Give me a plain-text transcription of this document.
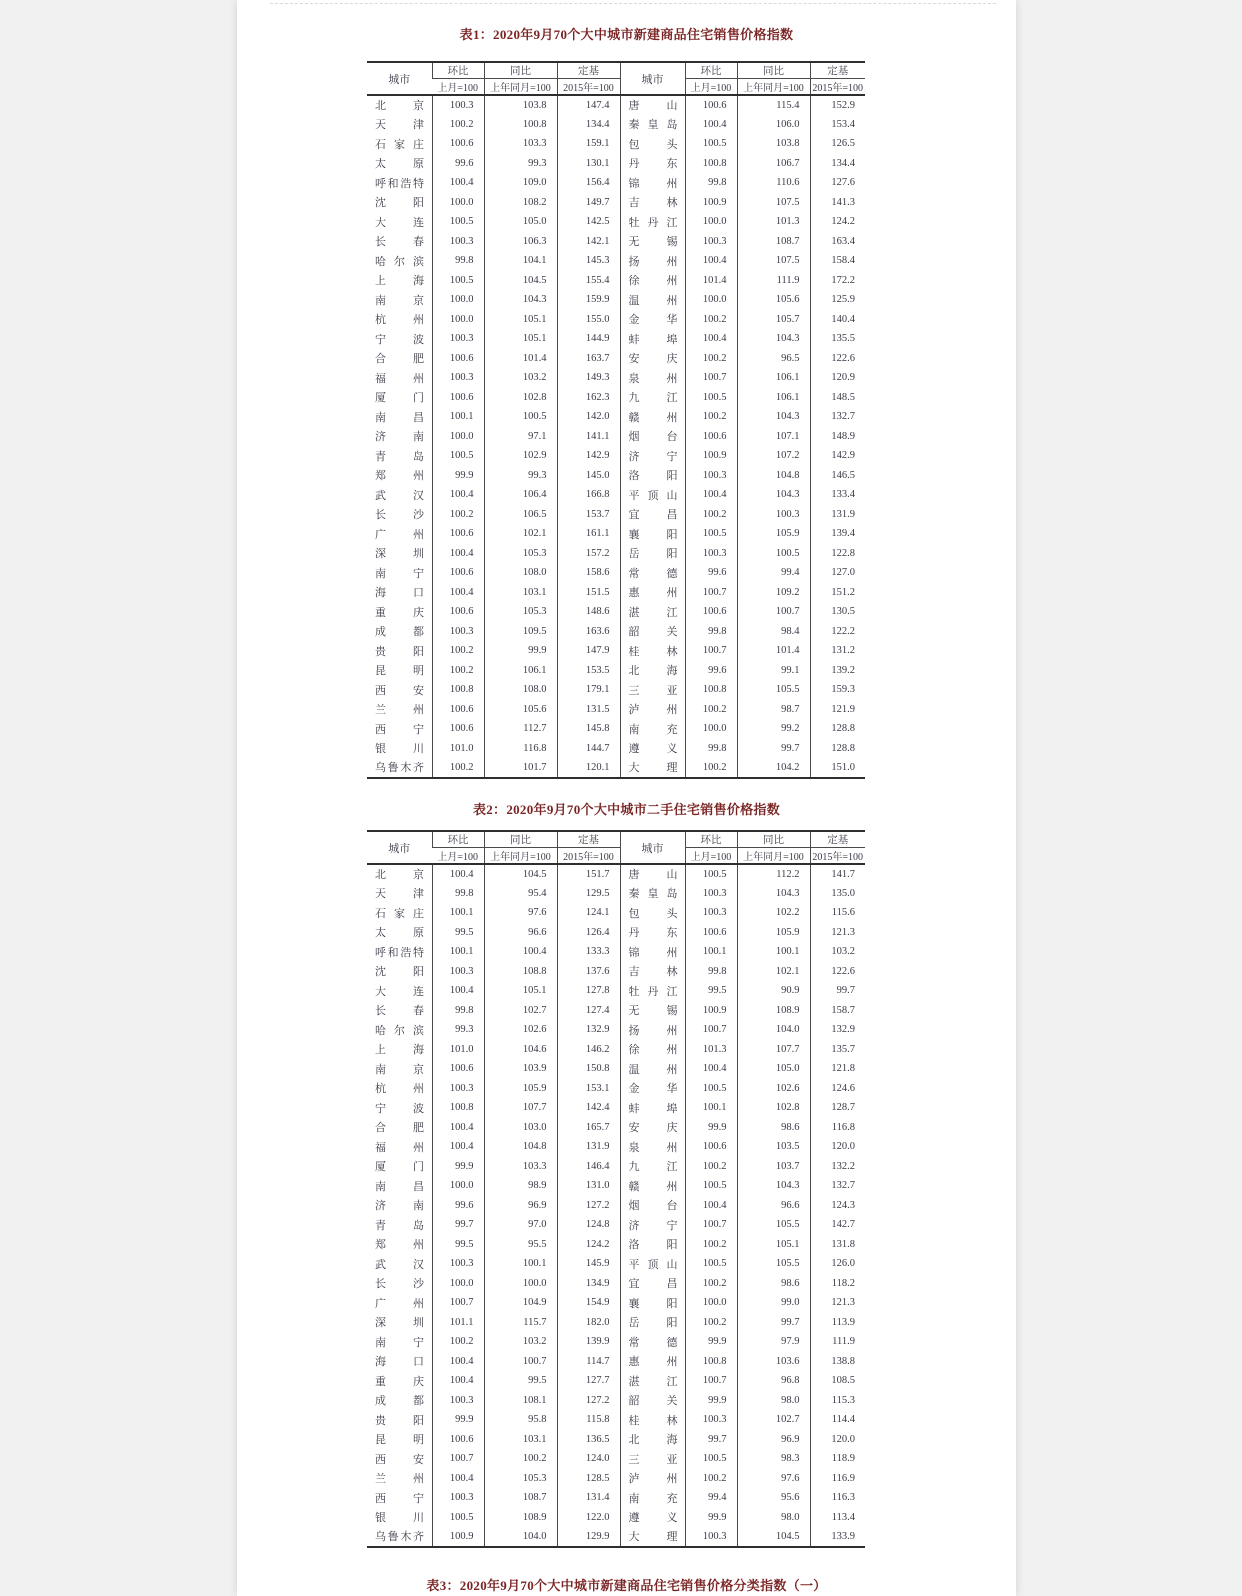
表1：2020年9月70个大中城市新建商品住宅销售价格指数
城市	环比	同比	定基	城市	环比	同比	定基
	上月=100	上年同月=100	2015年=100		上月=100	上年同月=100	2015年=100

北 京	100.3	103.8	147.4	唐 山	100.6	115.4	152.9

天 津	100.2	100.8	134.4	秦 皇 岛	100.4	106.0	153.4

石 家 庄	100.6	103.3	159.1	包 头	100.5	103.8	126.5

太 原	99.6	99.3	130.1	丹 东	100.8	106.7	134.4

呼 和 浩 特	100.4	109.0	156.4	锦 州	99.8	110.6	127.6

沈 阳	100.0	108.2	149.7	吉 林	100.9	107.5	141.3

大 连	100.5	105.0	142.5	牡 丹 江	100.0	101.3	124.2

长 春	100.3	106.3	142.1	无 锡	100.3	108.7	163.4

哈 尔 滨	99.8	104.1	145.3	扬 州	100.4	107.5	158.4

上 海	100.5	104.5	155.4	徐 州	101.4	111.9	172.2

南 京	100.0	104.3	159.9	温 州	100.0	105.6	125.9

杭 州	100.0	105.1	155.0	金 华	100.2	105.7	140.4

宁 波	100.3	105.1	144.9	蚌 埠	100.4	104.3	135.5

合 肥	100.6	101.4	163.7	安 庆	100.2	96.5	122.6

福 州	100.3	103.2	149.3	泉 州	100.7	106.1	120.9

厦 门	100.6	102.8	162.3	九 江	100.5	106.1	148.5

南 昌	100.1	100.5	142.0	赣 州	100.2	104.3	132.7

济 南	100.0	97.1	141.1	烟 台	100.6	107.1	148.9

青 岛	100.5	102.9	142.9	济 宁	100.9	107.2	142.9

郑 州	99.9	99.3	145.0	洛 阳	100.3	104.8	146.5

武 汉	100.4	106.4	166.8	平 顶 山	100.4	104.3	133.4

长 沙	100.2	106.5	153.7	宜 昌	100.2	100.3	131.9

广 州	100.6	102.1	161.1	襄 阳	100.5	105.9	139.4

深 圳	100.4	105.3	157.2	岳 阳	100.3	100.5	122.8

南 宁	100.6	108.0	158.6	常 德	99.6	99.4	127.0

海 口	100.4	103.1	151.5	惠 州	100.7	109.2	151.2

重 庆	100.6	105.3	148.6	湛 江	100.6	100.7	130.5

成 都	100.3	109.5	163.6	韶 关	99.8	98.4	122.2

贵 阳	100.2	99.9	147.9	桂 林	100.7	101.4	131.2

昆 明	100.2	106.1	153.5	北 海	99.6	99.1	139.2

西 安	100.8	108.0	179.1	三 亚	100.8	105.5	159.3

兰 州	100.6	105.6	131.5	泸 州	100.2	98.7	121.9

西 宁	100.6	112.7	145.8	南 充	100.0	99.2	128.8

银 川	101.0	116.8	144.7	遵 义	99.8	99.7	128.8

乌 鲁 木 齐	100.2	101.7	120.1	大 理	100.2	104.2	151.0
表2：2020年9月70个大中城市二手住宅销售价格指数
城市	环比	同比	定基	城市	环比	同比	定基
	上月=100	上年同月=100	2015年=100		上月=100	上年同月=100	2015年=100

北 京	100.4	104.5	151.7	唐 山	100.5	112.2	141.7

天 津	99.8	95.4	129.5	秦 皇 岛	100.3	104.3	135.0

石 家 庄	100.1	97.6	124.1	包 头	100.3	102.2	115.6

太 原	99.5	96.6	126.4	丹 东	100.6	105.9	121.3

呼 和 浩 特	100.1	100.4	133.3	锦 州	100.1	100.1	103.2

沈 阳	100.3	108.8	137.6	吉 林	99.8	102.1	122.6

大 连	100.4	105.1	127.8	牡 丹 江	99.5	90.9	99.7

长 春	99.8	102.7	127.4	无 锡	100.9	108.9	158.7

哈 尔 滨	99.3	102.6	132.9	扬 州	100.7	104.0	132.9

上 海	101.0	104.6	146.2	徐 州	101.3	107.7	135.7

南 京	100.6	103.9	150.8	温 州	100.4	105.0	121.8

杭 州	100.3	105.9	153.1	金 华	100.5	102.6	124.6

宁 波	100.8	107.7	142.4	蚌 埠	100.1	102.8	128.7

合 肥	100.4	103.0	165.7	安 庆	99.9	98.6	116.8

福 州	100.4	104.8	131.9	泉 州	100.6	103.5	120.0

厦 门	99.9	103.3	146.4	九 江	100.2	103.7	132.2

南 昌	100.0	98.9	131.0	赣 州	100.5	104.3	132.7

济 南	99.6	96.9	127.2	烟 台	100.4	96.6	124.3

青 岛	99.7	97.0	124.8	济 宁	100.7	105.5	142.7

郑 州	99.5	95.5	124.2	洛 阳	100.2	105.1	131.8

武 汉	100.3	100.1	145.9	平 顶 山	100.5	105.5	126.0

长 沙	100.0	100.0	134.9	宜 昌	100.2	98.6	118.2

广 州	100.7	104.9	154.9	襄 阳	100.0	99.0	121.3

深 圳	101.1	115.7	182.0	岳 阳	100.2	99.7	113.9

南 宁	100.2	103.2	139.9	常 德	99.9	97.9	111.9

海 口	100.4	100.7	114.7	惠 州	100.8	103.6	138.8

重 庆	100.4	99.5	127.7	湛 江	100.7	96.8	108.5

成 都	100.3	108.1	127.2	韶 关	99.9	98.0	115.3

贵 阳	99.9	95.8	115.8	桂 林	100.3	102.7	114.4

昆 明	100.6	103.1	136.5	北 海	99.7	96.9	120.0

西 安	100.7	100.2	124.0	三 亚	100.5	98.3	118.9

兰 州	100.4	105.3	128.5	泸 州	100.2	97.6	116.9

西 宁	100.3	108.7	131.4	南 充	99.4	95.6	116.3

银 川	100.5	108.9	122.0	遵 义	99.9	98.0	113.4

乌 鲁 木 齐	100.9	104.0	129.9	大 理	100.3	104.5	133.9
表3：2020年9月70个大中城市新建商品住宅销售价格分类指数（一）
